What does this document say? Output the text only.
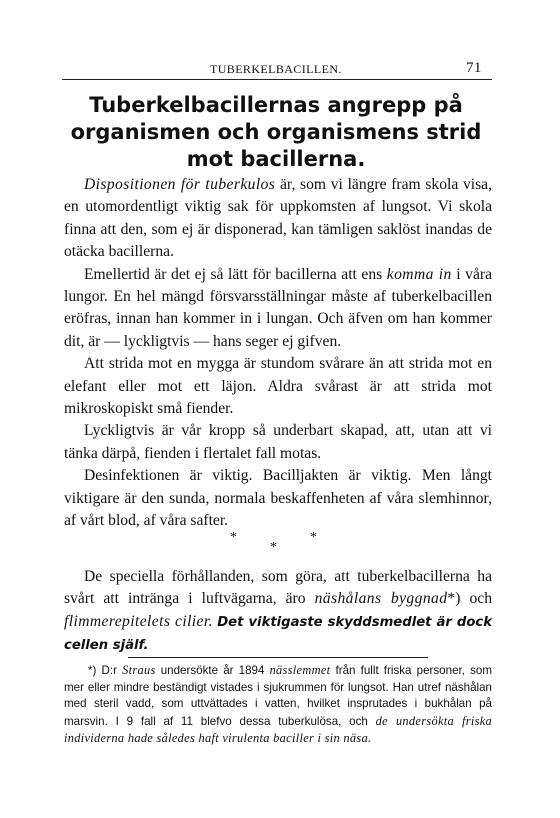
TUBERKELBACILLEN.	71
Tuberkelbacillernas angrepp på organismen och organismens strid mot bacillerna.

Dispositionen för tuberkulos är, som vi längre fram skola visa, en utomordentligt viktig sak för uppkomsten af lungsot. Vi skola finna att den, som ej är disponerad, kan tämligen saklöst inandas de otäcka bacillerna.

Emellertid är det ej så lätt för bacillerna att ens komma in i våra lungor. En hel mängd försvarsställningar måste af tuberkelbacillen eröfras, innan han kommer in i lungan. Och äfven om han kommer dit, är — lyckligtvis — hans seger ej gifven.

Att strida mot en mygga är stundom svårare än att strida mot en elefant eller mot ett läjon. Aldra svårast är att strida mot mikroskopiskt små fiender.

Lyckligtvis är vår kropp så underbart skapad, att, utan att vi tänka därpå, fienden i flertalet fall motas.

Desinfektionen är viktig. Bacilljakten är viktig. Men långt viktigare är den sunda, normala beskaffenheten af våra slemhinnor, af vårt blod, af våra safter.

*
*
*

De speciella förhållanden, som göra, att tuberkelbacillerna ha svårt att intränga i luftvägarna, äro näshålans byggnad*) och flimmerepitelets cilier. Det viktigaste skyddsmedlet är dock cellen själf.

*) D:r Straus undersökte år 1894 nässlemmet från fullt friska personer, som mer eller mindre beständigt vistades i sjukrummen för lungsot. Han utref näshålan med steril vadd, som uttvättades i vatten, hvilket insprutades i bukhålan på marsvin. I 9 fall af 11 blefvo dessa tuberkulösa, och de undersökta friska individerna hade således haft virulenta baciller i sin näsa.
